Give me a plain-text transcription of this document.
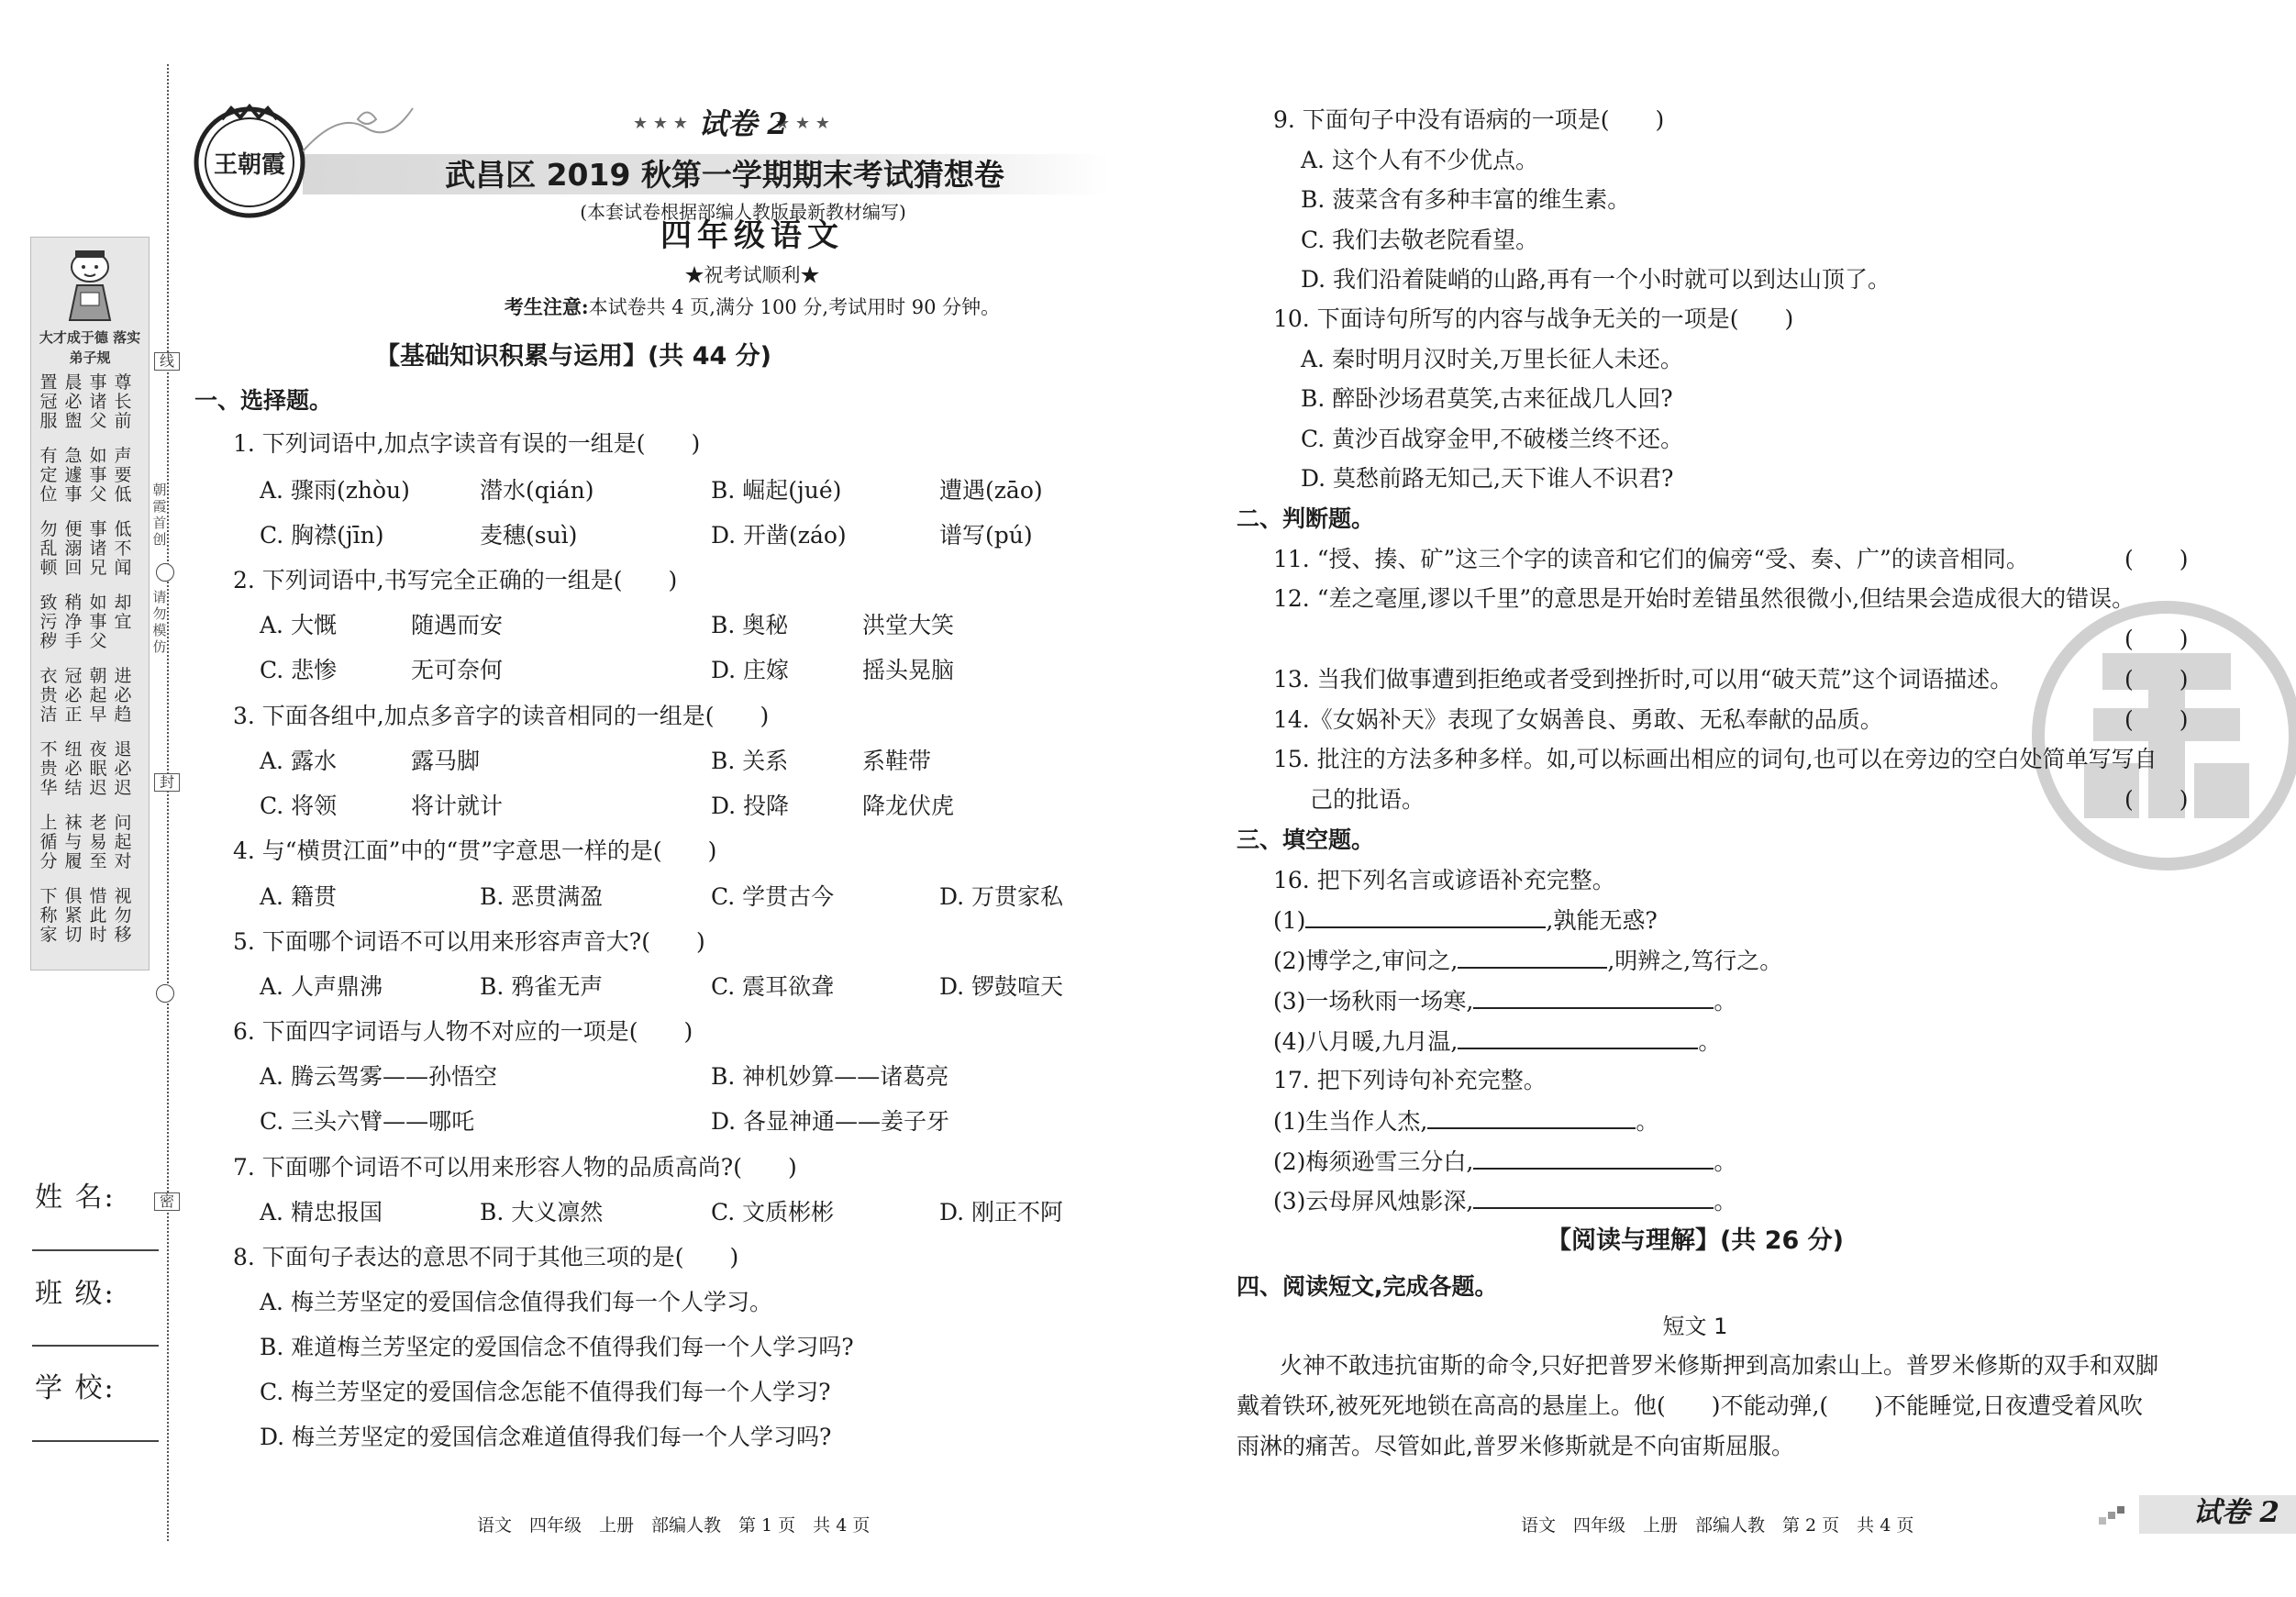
线
朝霞首创
请勿模仿
封
密
大才成于德 落实弟子规
置冠服
晨必盥
事诸父
尊长前
有定位
急遽事
如事父
声要低
勿乱顿
便溺回
事诸兄
低不闻
致污秽
稍净手
如事父
却宜
衣贵洁
冠必正
朝起早
进必趋
不贵华
纽必结
夜眠迟
退必迟
上循分
袜与履
老易至
问起对
下称家
俱紧切
惜此时
视勿移
姓 名:
班 级:
学 校:
王朝霞
★ ★ ★	★ ★ ★
试卷 2
武昌区 2019 秋第一学期期末考试猜想卷
(本套试卷根据部编人教版最新教材编写)
四年级语文
★祝考试顺利★
考生注意:本试卷共 4 页,满分 100 分,考试用时 90 分钟。
【基础知识积累与运用】(共 44 分)
一、选择题。
1. 下列词语中,加点字读音有误的一组是(　　)
A. 骤雨(zhòu)	潜水(qián)	B. 崛起(jué)	遭遇(zāo)
C. 胸襟(jīn)	麦穗(suì)	D. 开凿(záo)	谱写(pú)
2. 下列词语中,书写完全正确的一组是(　　)
A. 大慨	随遇而安	B. 奥秘	洪堂大笑
C. 悲惨	无可奈何	D. 庄嫁	摇头晃脑
3. 下面各组中,加点多音字的读音相同的一组是(　　)
A. 露水	露马脚	B. 关系	系鞋带
C. 将领	将计就计	D. 投降	降龙伏虎
4. 与“横贯江面”中的“贯”字意思一样的是(　　)
A. 籍贯	B. 恶贯满盈	C. 学贯古今	D. 万贯家私
5. 下面哪个词语不可以用来形容声音大?(　　)
A. 人声鼎沸	B. 鸦雀无声	C. 震耳欲聋	D. 锣鼓喧天
6. 下面四字词语与人物不对应的一项是(　　)
A. 腾云驾雾——孙悟空	B. 神机妙算——诸葛亮
C. 三头六臂——哪吒	D. 各显神通——姜子牙
7. 下面哪个词语不可以用来形容人物的品质高尚?(　　)
A. 精忠报国	B. 大义凛然	C. 文质彬彬	D. 刚正不阿
8. 下面句子表达的意思不同于其他三项的是(　　)
A. 梅兰芳坚定的爱国信念值得我们每一个人学习。
B. 难道梅兰芳坚定的爱国信念不值得我们每一个人学习吗?
C. 梅兰芳坚定的爱国信念怎能不值得我们每一个人学习?
D. 梅兰芳坚定的爱国信念难道值得我们每一个人学习吗?
语文　四年级　上册　部编人教　第 1 页　共 4 页
9. 下面句子中没有语病的一项是(　　)
A. 这个人有不少优点。
B. 菠菜含有多种丰富的维生素。
C. 我们去敬老院看望。
D. 我们沿着陡峭的山路,再有一个小时就可以到达山顶了。
10. 下面诗句所写的内容与战争无关的一项是(　　)
A. 秦时明月汉时关,万里长征人未还。
B. 醉卧沙场君莫笑,古来征战几人回?
C. 黄沙百战穿金甲,不破楼兰终不还。
D. 莫愁前路无知己,天下谁人不识君?
二、判断题。
11. “授、揍、矿”这三个字的读音和它们的偏旁“受、奏、广”的读音相同。	(　　)
12. “差之毫厘,谬以千里”的意思是开始时差错虽然很微小,但结果会造成很大的错误。
(　　)
13. 当我们做事遭到拒绝或者受到挫折时,可以用“破天荒”这个词语描述。	(　　)
14.《女娲补天》表现了女娲善良、勇敢、无私奉献的品质。	(　　)
15. 批注的方法多种多样。如,可以标画出相应的词句,也可以在旁边的空白处简单写写自
己的批语。	(　　)
三、填空题。
16. 把下列名言或谚语补充完整。
(1)	,孰能无惑?
(2)博学之,审问之,	,明辨之,笃行之。
(3)一场秋雨一场寒,	。
(4)八月暖,九月温,	。
17. 把下列诗句补充完整。
(1)生当作人杰,	。
(2)梅须逊雪三分白,	。
(3)云母屏风烛影深,	。
【阅读与理解】(共 26 分)
四、阅读短文,完成各题。
短文 1
火神不敢违抗宙斯的命令,只好把普罗米修斯押到高加索山上。普罗米修斯的双手和双脚
戴着铁环,被死死地锁在高高的悬崖上。他(　　)不能动弹,(　　)不能睡觉,日夜遭受着风吹
雨淋的痛苦。尽管如此,普罗米修斯就是不向宙斯屈服。
语文　四年级　上册　部编人教　第 2 页　共 4 页	试卷 2
